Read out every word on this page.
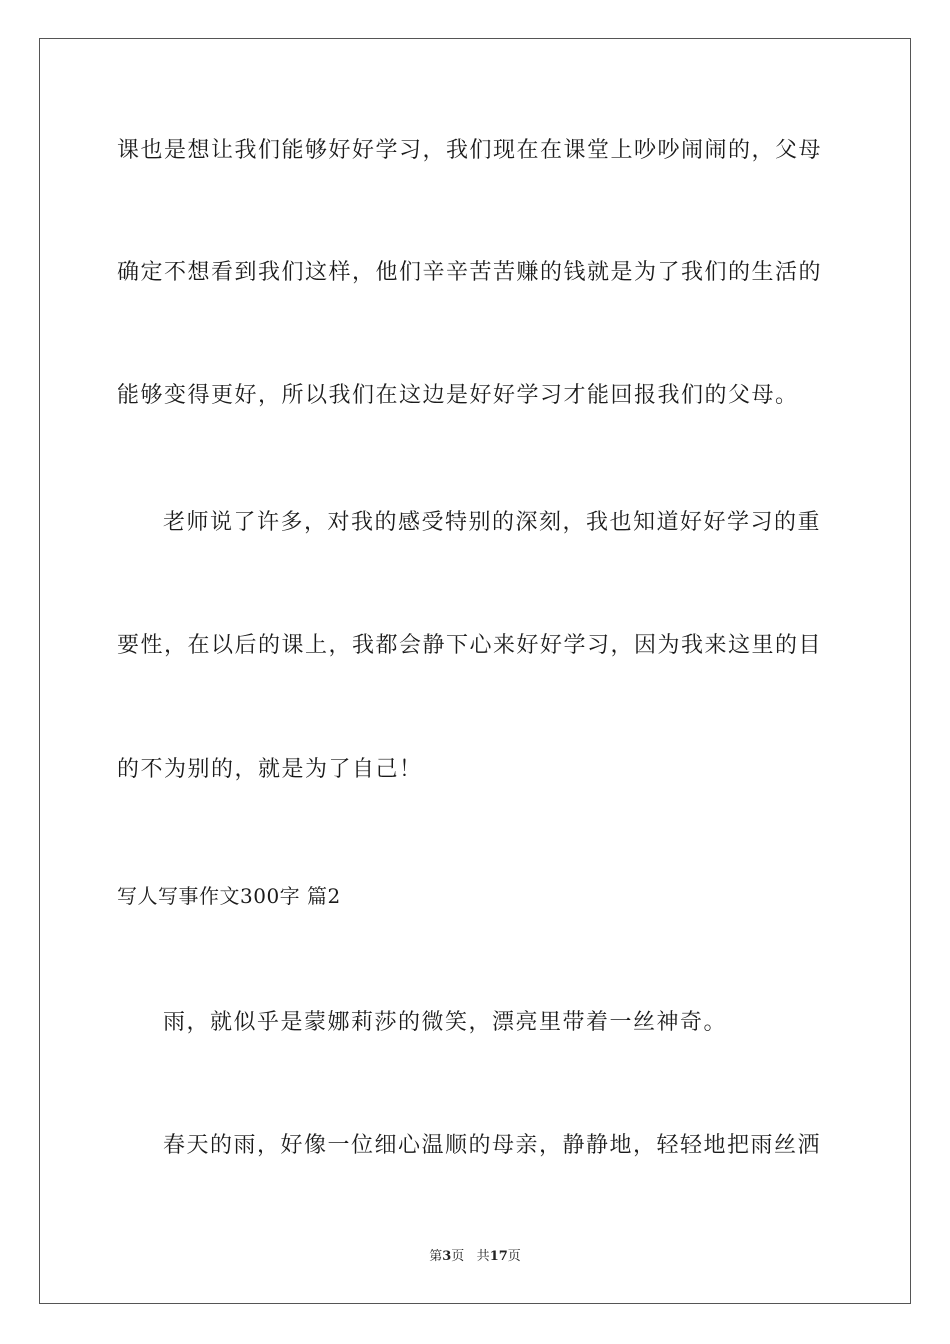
课也是想让我们能够好好学习，我们现在在课堂上吵吵闹闹的，父母
确定不想看到我们这样，他们辛辛苦苦赚的钱就是为了我们的生活的
能够变得更好，所以我们在这边是好好学习才能回报我们的父母。
老师说了许多，对我的感受特别的深刻，我也知道好好学习的重
要性，在以后的课上，我都会静下心来好好学习，因为我来这里的目
的不为别的，就是为了自己！
写人写事作文300字 篇2
雨，就似乎是蒙娜莉莎的微笑，漂亮里带着一丝神奇。
春天的雨，好像一位细心温顺的母亲，静静地，轻轻地把雨丝洒
第3页 共17页
